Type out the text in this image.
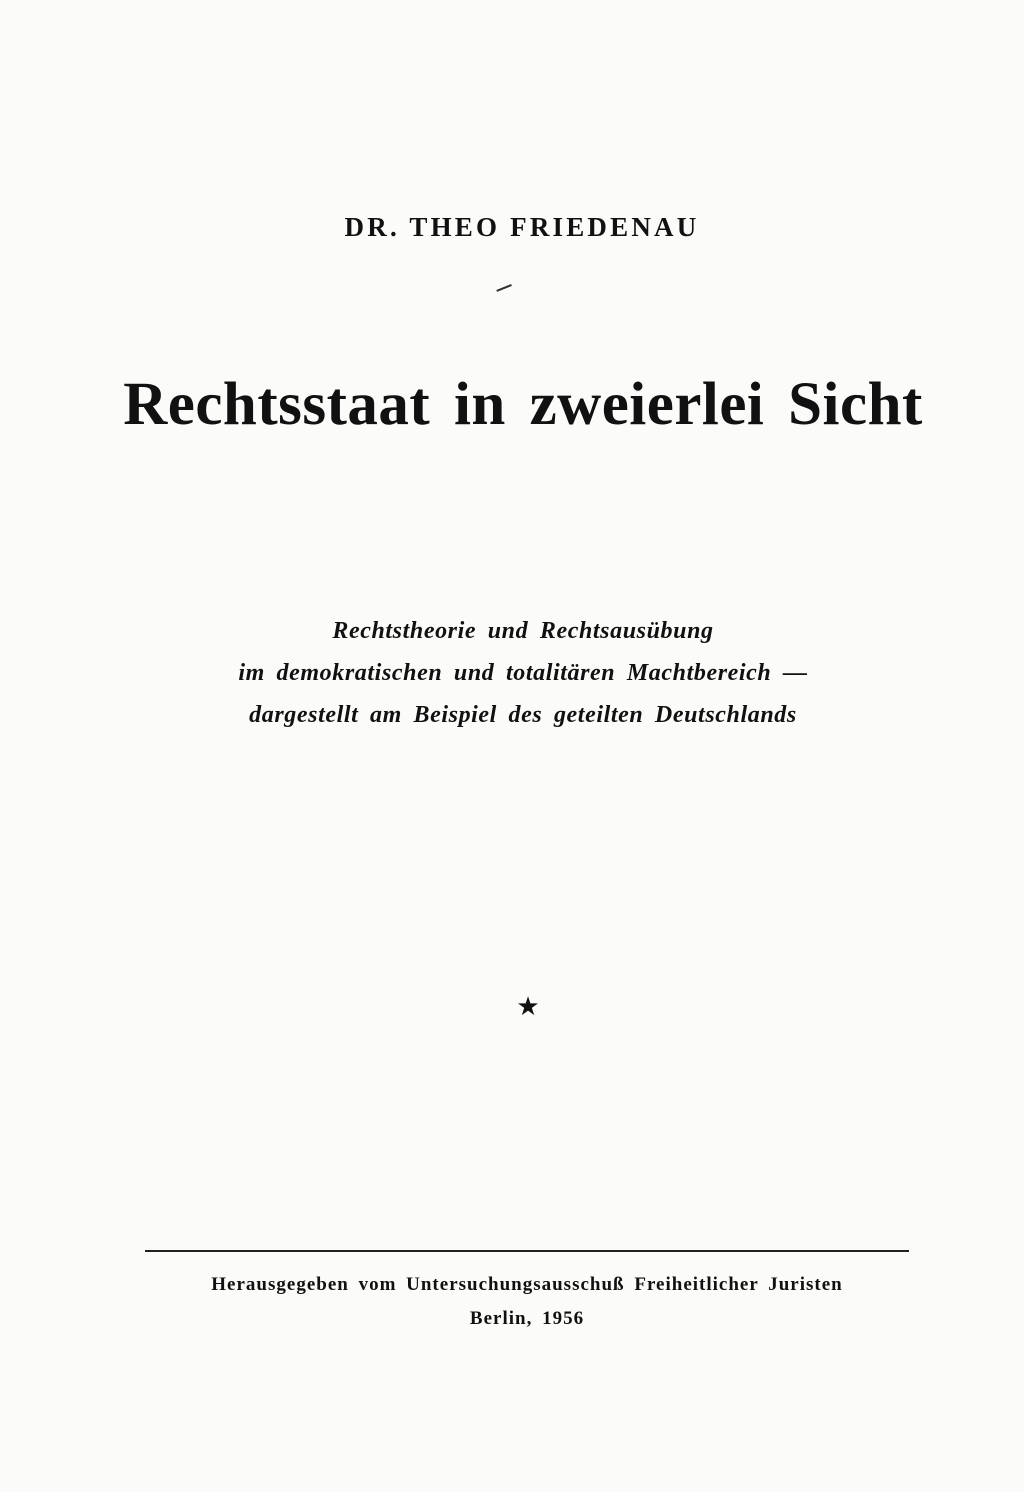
DR. THEO FRIEDENAU
Rechtsstaat in zweierlei Sicht
Rechtstheorie und Rechtsausübung
im demokratischen und totalitären Machtbereich —
dargestellt am Beispiel des geteilten Deutschlands
★
Herausgegeben vom Untersuchungsausschuß Freiheitlicher Juristen
Berlin, 1956
